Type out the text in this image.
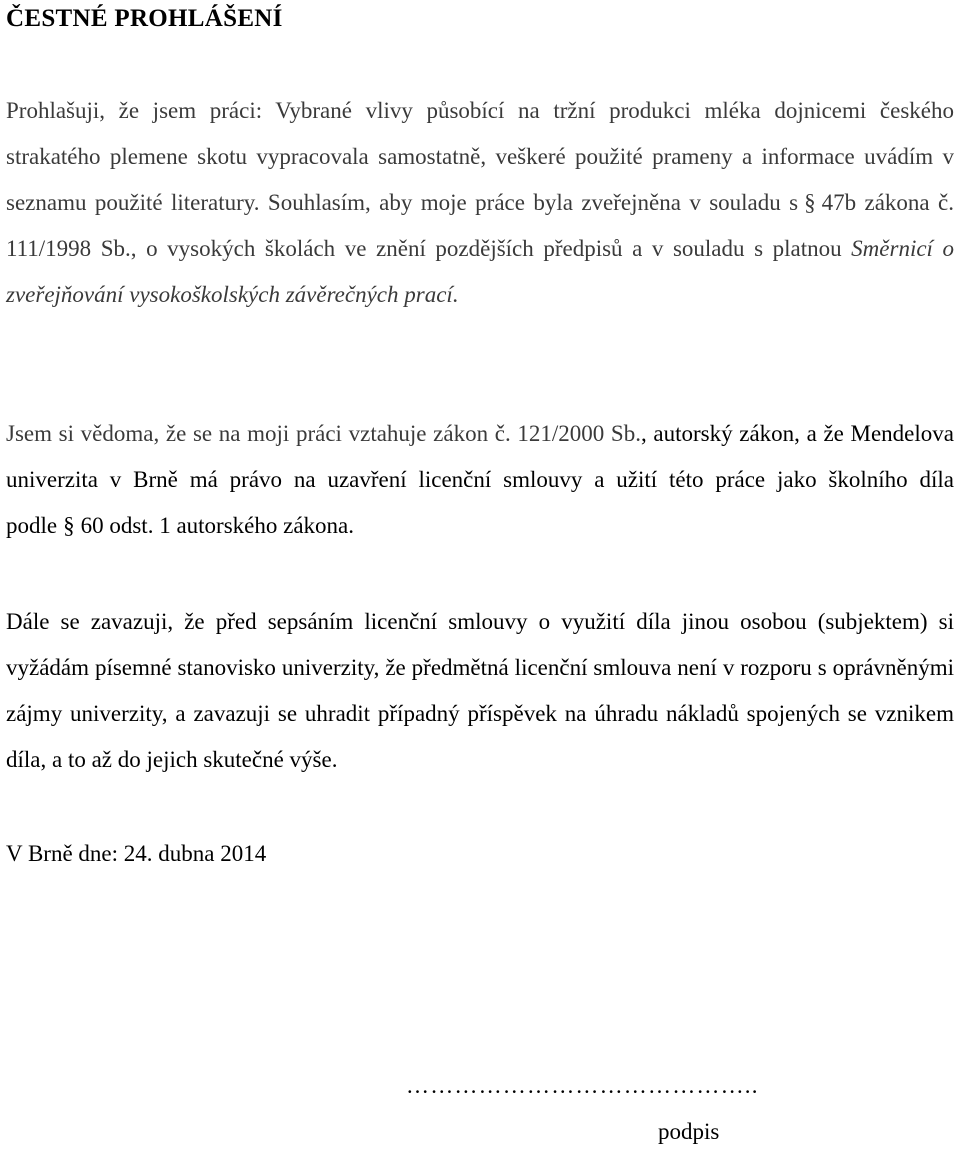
ČESTNÉ PROHLÁŠENÍ

Prohlašuji, že jsem práci: Vybrané vlivy působící na tržní produkci mléka dojnicemi českého strakatého plemene skotu vypracovala samostatně, veškeré použité prameny a informace uvádím v seznamu použité literatury. Souhlasím, aby moje práce byla zveřejněna v souladu s § 47b zákona č. 111/1998 Sb., o vysokých školách ve znění pozdějších předpisů a v souladu s platnou Směrnicí o zveřejňování vysokoškolských závěrečných prací.

Jsem si vědoma, že se na moji práci vztahuje zákon č. 121/2000 Sb., autorský zákon, a že Mendelova univerzita v Brně má právo na uzavření licenční smlouvy a užití této práce jako školního díla podle § 60 odst. 1 autorského zákona.

Dále se zavazuji, že před sepsáním licenční smlouvy o využití díla jinou osobou (subjektem) si vyžádám písemné stanovisko univerzity, že předmětná licenční smlouva není v rozporu s oprávněnými zájmy univerzity, a zavazuji se uhradit případný příspěvek na úhradu nákladů spojených se vznikem díla, a to až do jejich skutečné výše.

V Brně dne: 24. dubna 2014

……………………………………..
podpis
